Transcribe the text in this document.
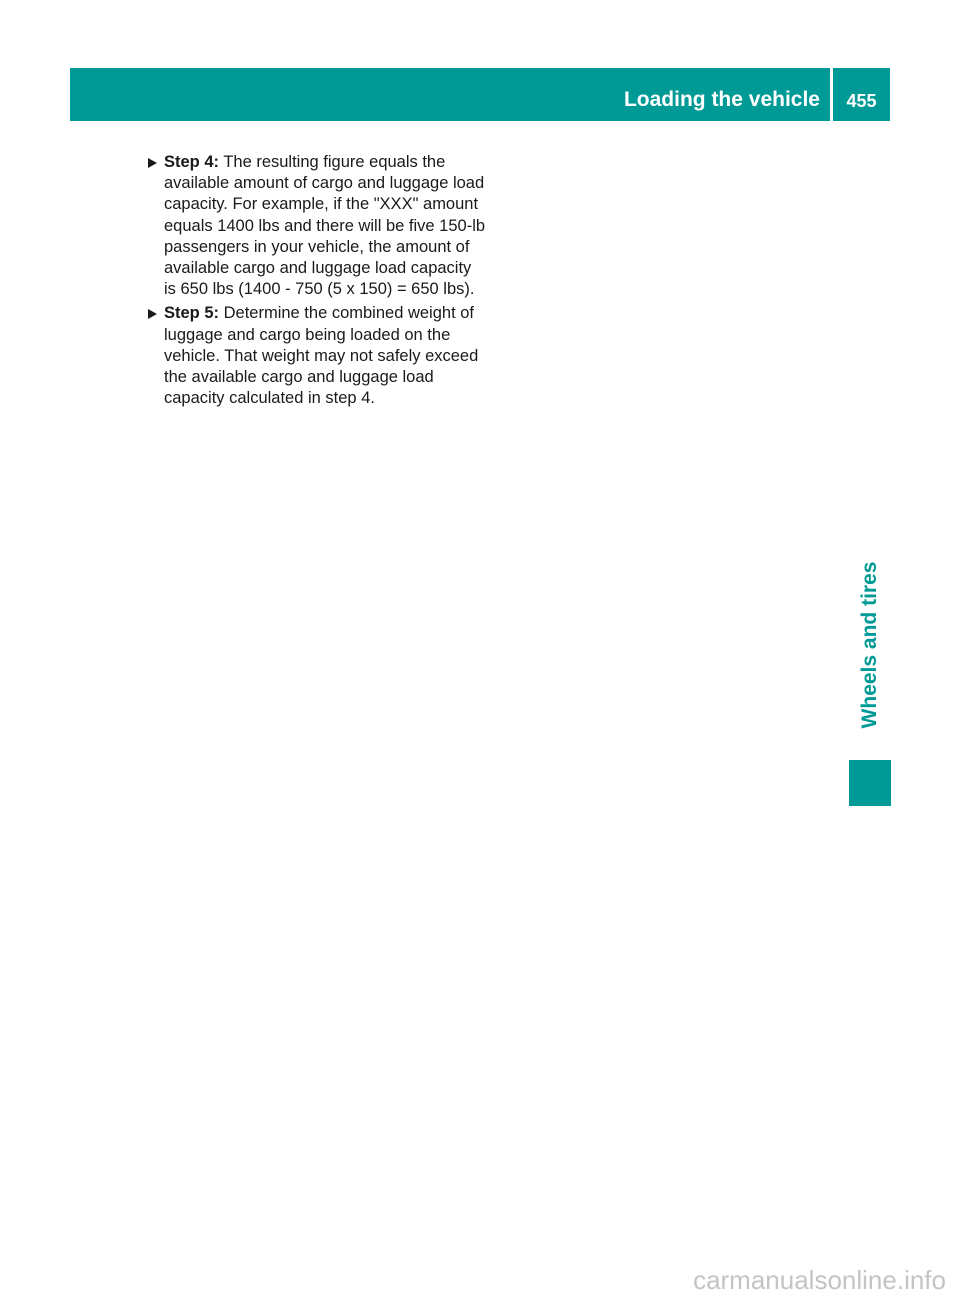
Loading the vehicle	455

Step 4: The resulting figure equals the available amount of cargo and luggage load capacity. For example, if the "XXX" amount equals 1400 lbs and there will be five 150-lb passengers in your vehicle, the amount of available cargo and luggage load capacity is 650 lbs (1400 - 750 (5 x 150) = 650 lbs).

Step 5: Determine the combined weight of luggage and cargo being loaded on the vehicle. That weight may not safely exceed the available cargo and luggage load capacity calculated in step 4.

Wheels and tires
carmanualsonline.info
